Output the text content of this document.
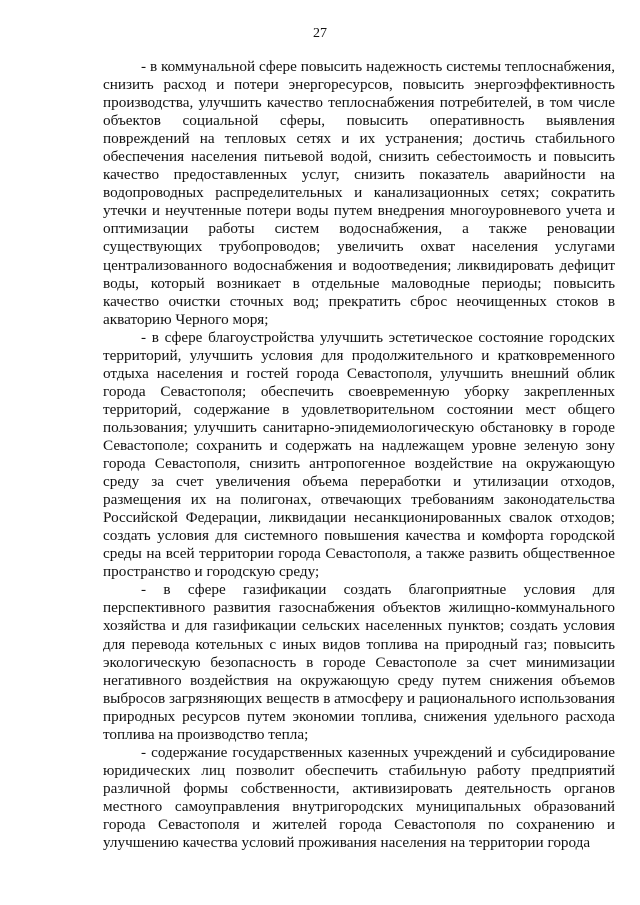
27

- в коммунальной сфере повысить надежность системы теплоснабжения, снизить расход и потери энергоресурсов, повысить энергоэффективность производства, улучшить качество теплоснабжения потребителей, в том числе объектов социальной сферы, повысить оперативность выявления повреждений на тепловых сетях и их устранения; достичь стабильного обеспечения населения питьевой водой, снизить себестоимость и повысить качество предоставленных услуг, снизить показатель аварийности на водопроводных распределительных и канализационных сетях; сократить утечки и неучтенные потери воды путем внедрения многоуровневого учета и оптимизации работы систем водоснабжения, а также реновации существующих трубопроводов; увеличить охват населения услугами централизованного водоснабжения и водоотведения; ликвидировать дефицит воды, который возникает в отдельные маловодные периоды; повысить качество очистки сточных вод; прекратить сброс неочищенных стоков в акваторию Черного моря;

- в сфере благоустройства улучшить эстетическое состояние городских территорий, улучшить условия для продолжительного и кратковременного отдыха населения и гостей города Севастополя, улучшить внешний облик города Севастополя; обеспечить своевременную уборку закрепленных территорий, содержание в удовлетворительном состоянии мест общего пользования; улучшить санитарно-эпидемиологическую обстановку в городе Севастополе; сохранить и содержать на надлежащем уровне зеленую зону города Севастополя, снизить антропогенное воздействие на окружающую среду за счет увеличения объема переработки и утилизации отходов, размещения их на полигонах, отвечающих требованиям законодательства Российской Федерации, ликвидации несанкционированных свалок отходов; создать условия для системного повышения качества и комфорта городской среды на всей территории города Севастополя, а также развить общественное пространство и городскую среду;

- в сфере газификации создать благоприятные условия для перспективного развития газоснабжения объектов жилищно-коммунального хозяйства и для газификации сельских населенных пунктов; создать условия для перевода котельных с иных видов топлива на природный газ; повысить экологическую безопасность в городе Севастополе за счет минимизации негативного воздействия на окружающую среду путем снижения объемов выбросов загрязняющих веществ в атмосферу и рационального использования природных ресурсов путем экономии топлива, снижения удельного расхода топлива на производство тепла;

- содержание государственных казенных учреждений и субсидирование юридических лиц позволит обеспечить стабильную работу предприятий различной формы собственности, активизировать деятельность органов местного самоуправления внутригородских муниципальных образований города Севастополя и жителей города Севастополя по сохранению и улучшению качества условий проживания населения на территории города
